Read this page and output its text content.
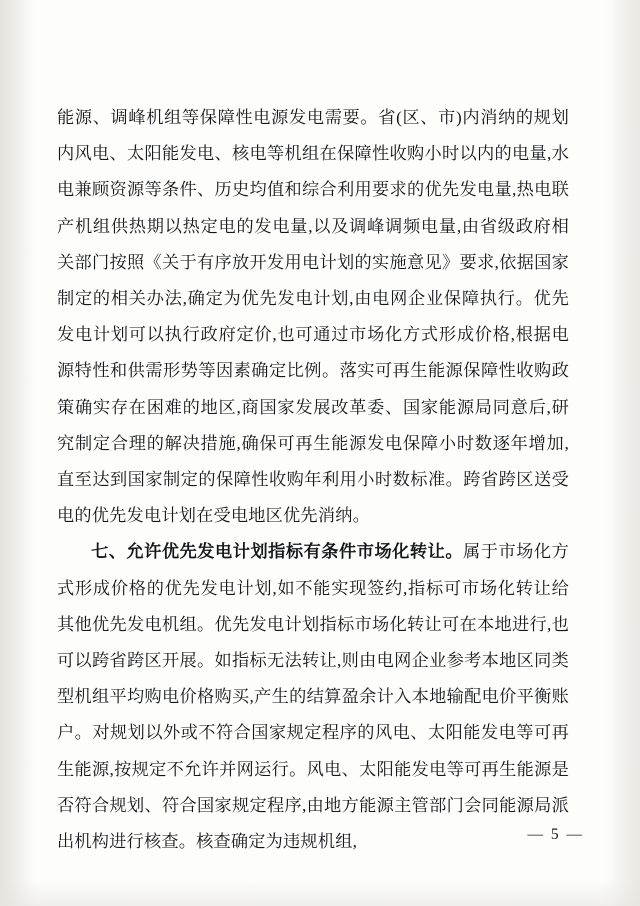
能源、调峰机组等保障性电源发电需要。省(区、市)内消纳的规划内风电、太阳能发电、核电等机组在保障性收购小时以内的电量,水电兼顾资源等条件、历史均值和综合利用要求的优先发电量,热电联产机组供热期以热定电的发电量,以及调峰调频电量,由省级政府相关部门按照《关于有序放开发用电计划的实施意见》要求,依据国家制定的相关办法,确定为优先发电计划,由电网企业保障执行。优先发电计划可以执行政府定价,也可通过市场化方式形成价格,根据电源特性和供需形势等因素确定比例。落实可再生能源保障性收购政策确实存在困难的地区,商国家发展改革委、国家能源局同意后,研究制定合理的解决措施,确保可再生能源发电保障小时数逐年增加,直至达到国家制定的保障性收购年利用小时数标准。跨省跨区送受电的优先发电计划在受电地区优先消纳。

七、允许优先发电计划指标有条件市场化转让。属于市场化方式形成价格的优先发电计划,如不能实现签约,指标可市场化转让给其他优先发电机组。优先发电计划指标市场化转让可在本地进行,也可以跨省跨区开展。如指标无法转让,则由电网企业参考本地区同类型机组平均购电价格购买,产生的结算盈余计入本地输配电价平衡账户。对规划以外或不符合国家规定程序的风电、太阳能发电等可再生能源,按规定不允许并网运行。风电、太阳能发电等可再生能源是否符合规划、符合国家规定程序,由地方能源主管部门会同能源局派出机构进行核查。核查确定为违规机组,	— 5 —
